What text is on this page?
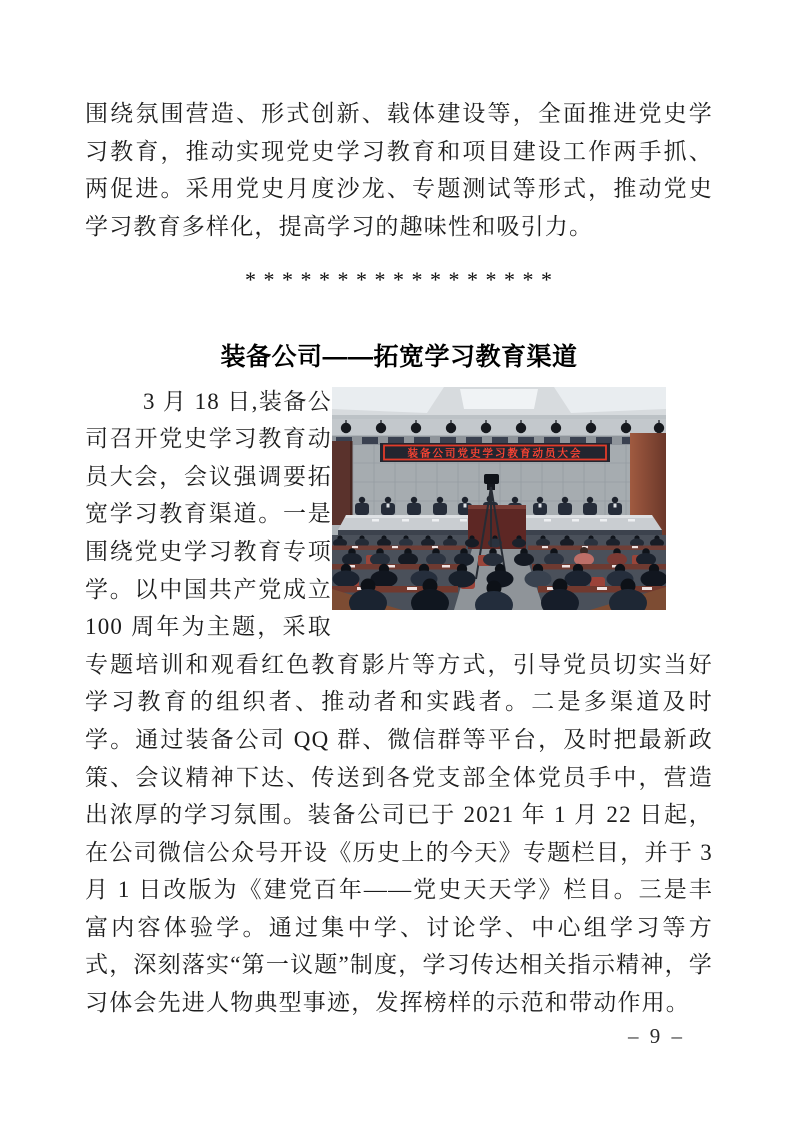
围绕氛围营造、形式创新、载体建设等，全面推进党史学习教育，推动实现党史学习教育和项目建设工作两手抓、两促进。采用党史月度沙龙、专题测试等形式，推动党史学习教育多样化，提高学习的趣味性和吸引力。

* * * * * * * * * * * * * * * * *
装备公司——拓宽学习教育渠道
装备公司党史学习教育动员大会
3 月 18 日,装备公司召开党史学习教育动员大会，会议强调要拓宽学习教育渠道。一是围绕党史学习教育专项学。以中国共产党成立 100 周年为主题，采取专题培训和观看红色教育影片等方式，引导党员切实当好学习教育的组织者、推动者和实践者。二是多渠道及时学。通过装备公司 QQ 群、微信群等平台，及时把最新政策、会议精神下达、传送到各党支部全体党员手中，营造出浓厚的学习氛围。装备公司已于 2021 年 1 月 22 日起，在公司微信公众号开设《历史上的今天》专题栏目，并于 3 月 1 日改版为《建党百年——党史天天学》栏目。三是丰富内容体验学。通过集中学、讨论学、中心组学习等方式，深刻落实“第一议题”制度，学习传达相关指示精神，学习体会先进人物典型事迹，发挥榜样的示范和带动作用。
– 9 –
